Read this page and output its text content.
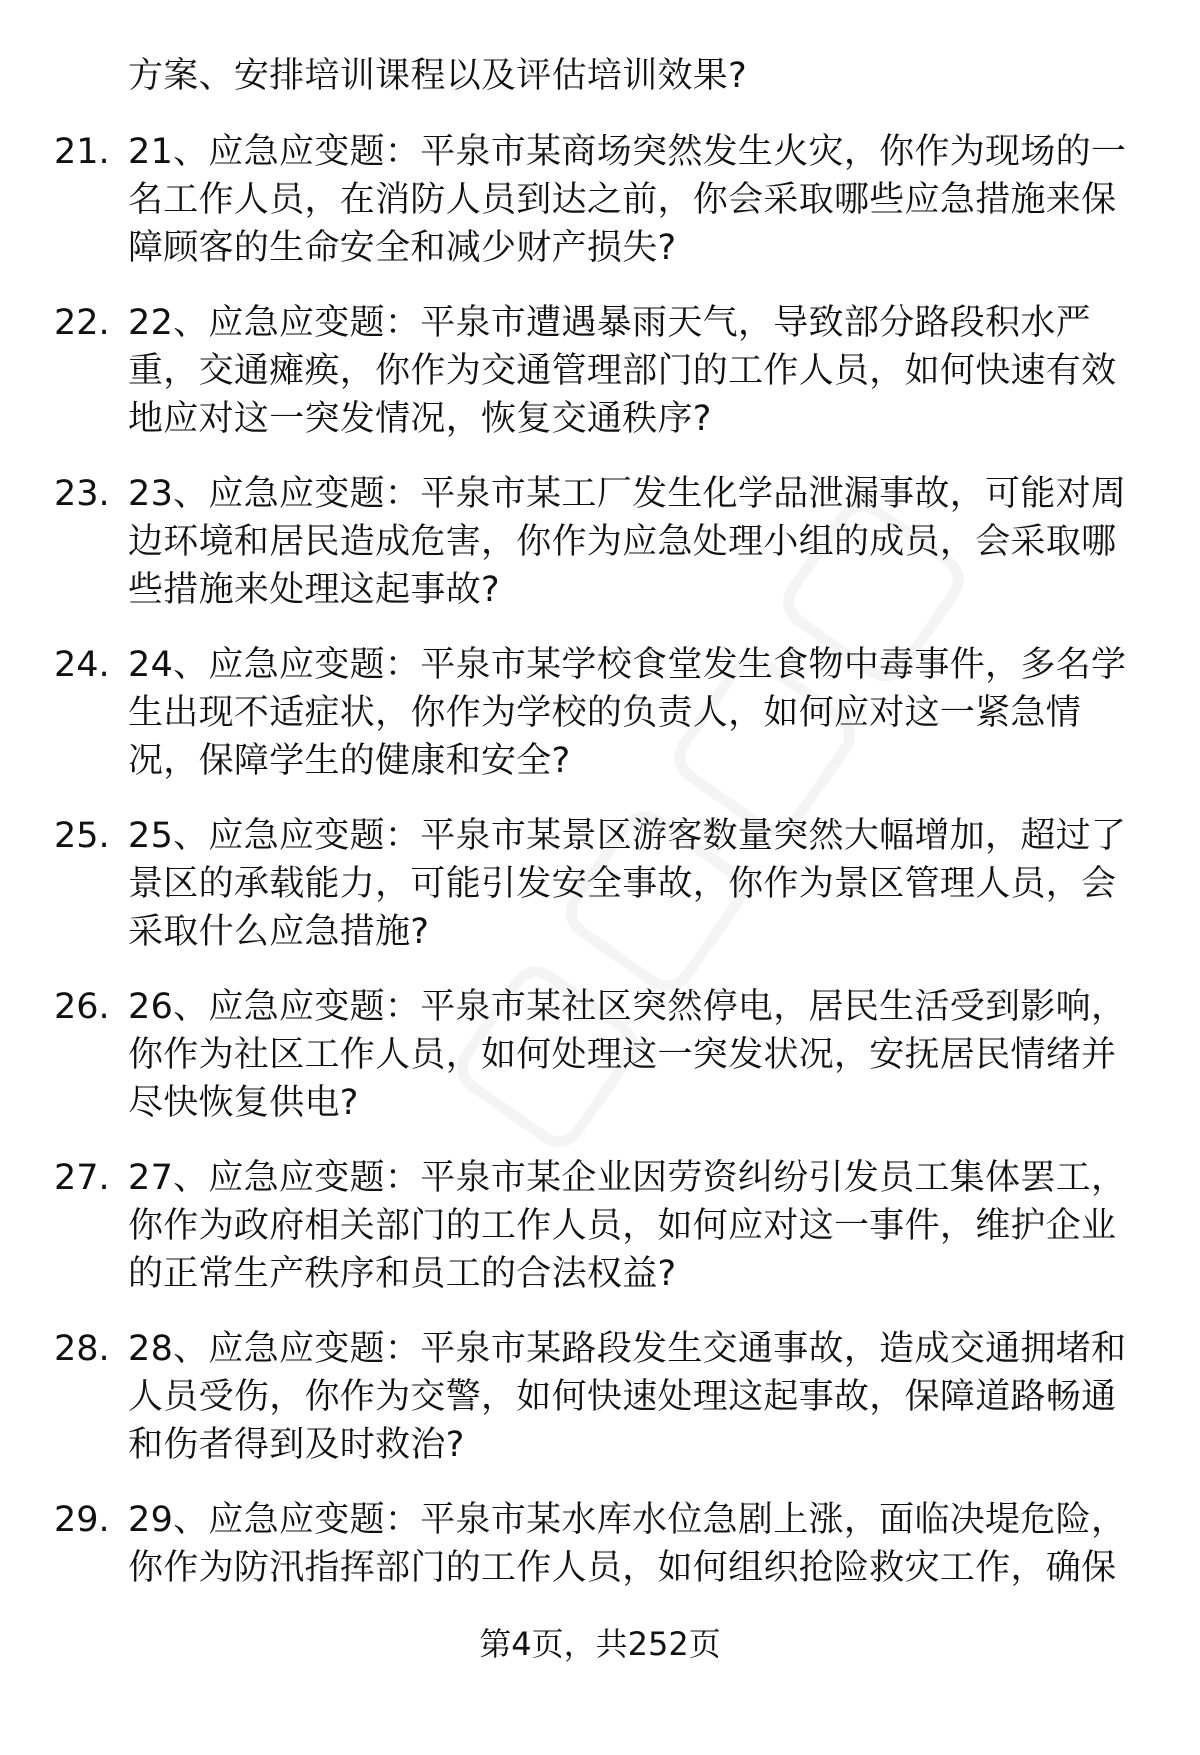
方案、安排培训课程以及评估培训效果?
21. 21、应急应变题：平泉市某商场突然发生火灾，你作为现场的一
名工作人员，在消防人员到达之前，你会采取哪些应急措施来保
障顾客的生命安全和减少财产损失?
22. 22、应急应变题：平泉市遭遇暴雨天气，导致部分路段积水严
重，交通瘫痪，你作为交通管理部门的工作人员，如何快速有效
地应对这一突发情况，恢复交通秩序?
23. 23、应急应变题：平泉市某工厂发生化学品泄漏事故，可能对周
边环境和居民造成危害，你作为应急处理小组的成员，会采取哪
些措施来处理这起事故?
24. 24、应急应变题：平泉市某学校食堂发生食物中毒事件，多名学
生出现不适症状，你作为学校的负责人，如何应对这一紧急情
况，保障学生的健康和安全?
25. 25、应急应变题：平泉市某景区游客数量突然大幅增加，超过了
景区的承载能力，可能引发安全事故，你作为景区管理人员，会
采取什么应急措施?
26. 26、应急应变题：平泉市某社区突然停电，居民生活受到影响，
你作为社区工作人员，如何处理这一突发状况，安抚居民情绪并
尽快恢复供电?
27. 27、应急应变题：平泉市某企业因劳资纠纷引发员工集体罢工，
你作为政府相关部门的工作人员，如何应对这一事件，维护企业
的正常生产秩序和员工的合法权益?
28. 28、应急应变题：平泉市某路段发生交通事故，造成交通拥堵和
人员受伤，你作为交警，如何快速处理这起事故，保障道路畅通
和伤者得到及时救治?
29. 29、应急应变题：平泉市某水库水位急剧上涨，面临决堤危险，
你作为防汛指挥部门的工作人员，如何组织抢险救灾工作，确保
第4页，共252页
